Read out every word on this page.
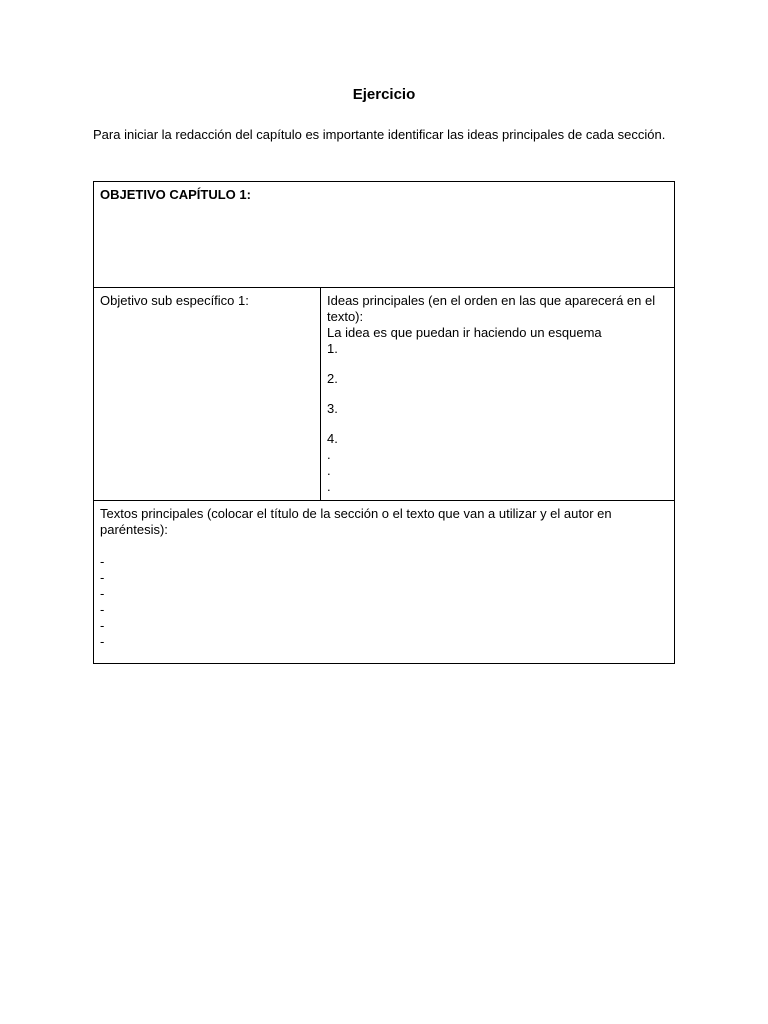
Ejercicio
Para iniciar la redacción del capítulo es importante identificar las ideas principales de cada sección.
OBJETIVO CAPÍTULO 1:
Objetivo sub específico 1:	Ideas principales (en el orden en las que aparecerá en el texto):
La idea es que puedan ir haciendo un esquema
1.
2.
3.
4.
.
.
.

Textos principales (colocar el título de la sección o el texto que van a utilizar y el autor en paréntesis):
-
-
-
-
-
-
